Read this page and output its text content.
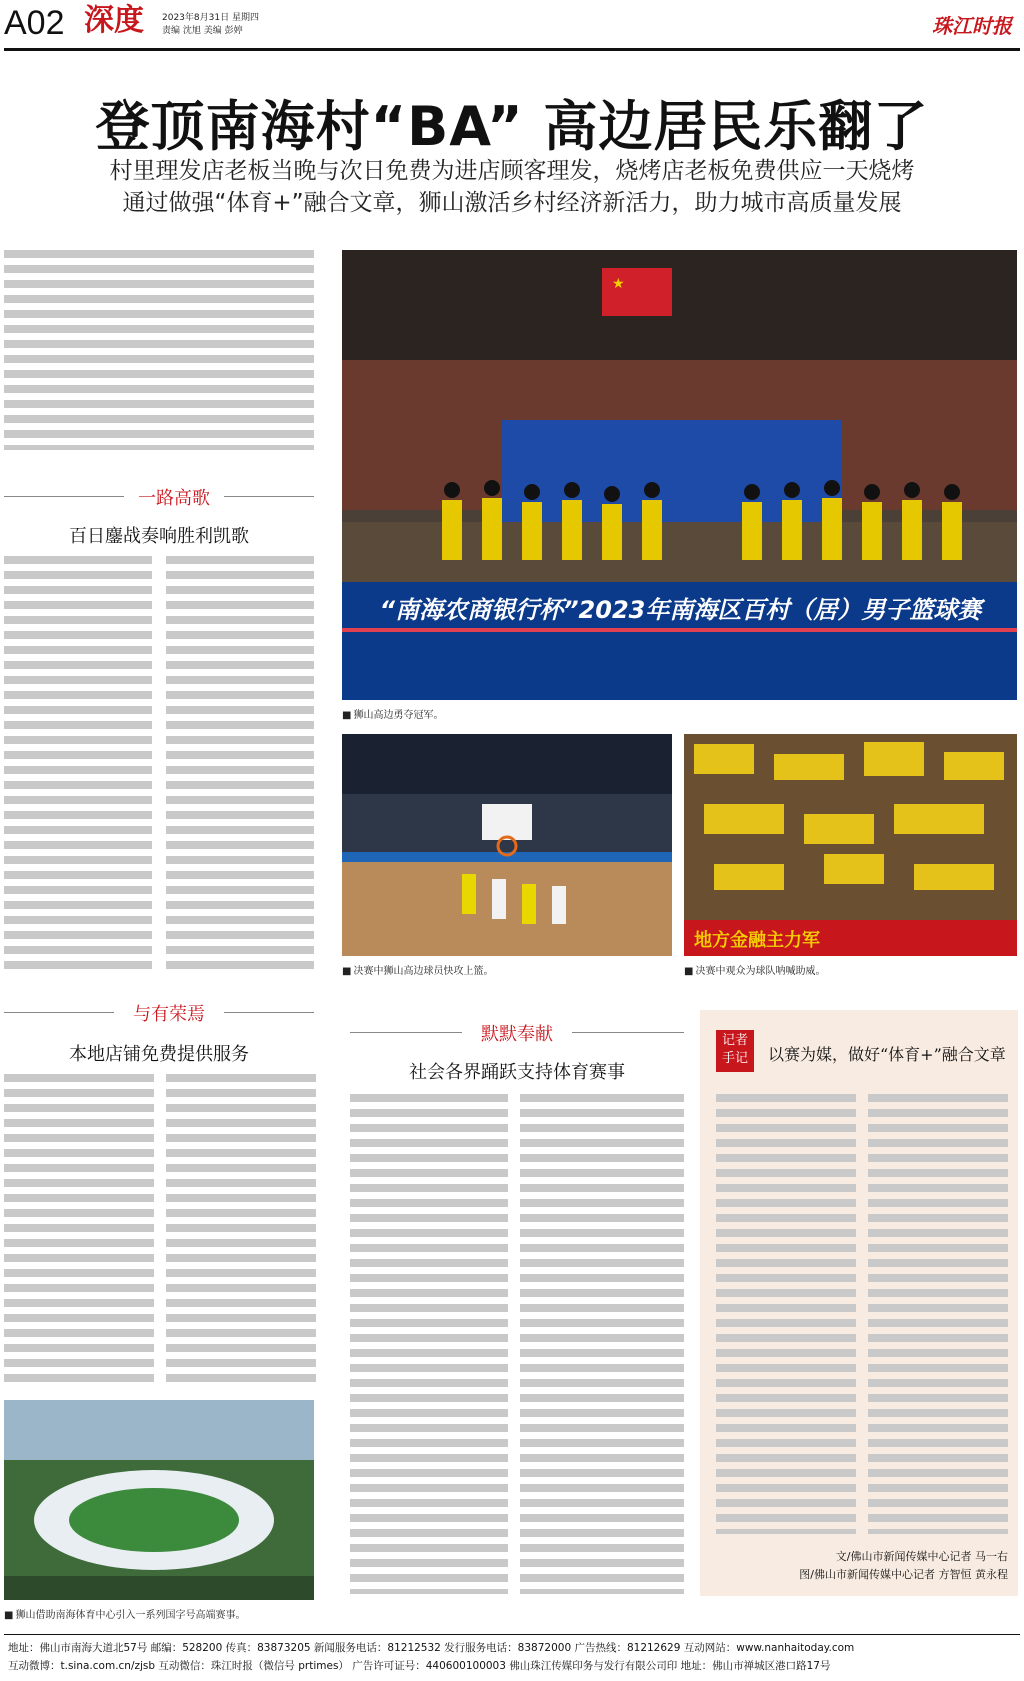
A02 深度 2023年8月31日 星期四
责编 沈旭 美编 彭婷	珠江时报
登顶南海村“BA” 高边居民乐翻了
村里理发店老板当晚与次日免费为进店顾客理发，烧烤店老板免费供应一天烧烤
通过做强“体育+”融合文章，狮山激活乡村经济新活力，助力城市高质量发展
一路高歌
百日鏖战奏响胜利凯歌
★
“南海农商银行杯”2023年南海区百村（居）男子篮球赛
■ 狮山高边勇夺冠军。
■ 决赛中狮山高边球员快攻上篮。
地方金融主力军
■ 决赛中观众为球队呐喊助威。
与有荣焉
本地店铺免费提供服务
■ 狮山借助南海体育中心引入一系列国字号高端赛事。
默默奉献
社会各界踊跃支持体育赛事
记者手记	以赛为媒，做好“体育+”融合文章
文/佛山市新闻传媒中心记者 马一右
图/佛山市新闻传媒中心记者 方智恒 黄永程
地址：佛山市南海大道北57号 邮编：528200 传真：83873205 新闻服务电话：81212532 发行服务电话：83872000 广告热线：81212629 互动网站：www.nanhaitoday.com
互动微博：t.sina.com.cn/zjsb 互动微信：珠江时报（微信号 prtimes） 广告许可证号：440600100003 佛山珠江传媒印务与发行有限公司印 地址：佛山市禅城区港口路17号
